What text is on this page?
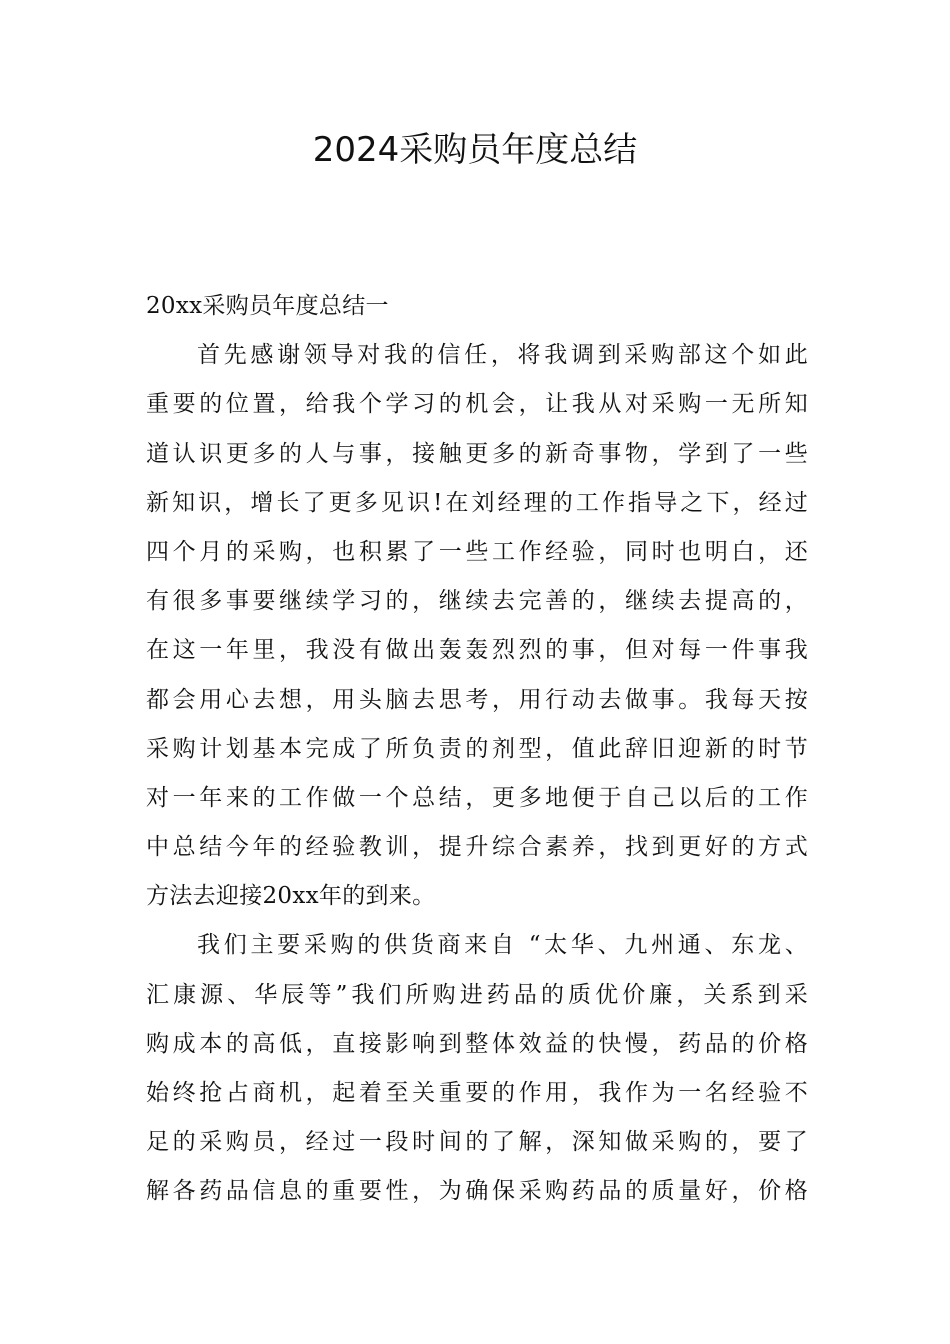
2024采购员年度总结
20xx采购员年度总结一
首先感谢领导对我的信任，将我调到采购部这个如此
重要的位置，给我个学习的机会，让我从对采购一无所知
道认识更多的人与事，接触更多的新奇事物，学到了一些
新知识，增长了更多见识!在刘经理的工作指导之下，经过
四个月的采购，也积累了一些工作经验，同时也明白，还
有很多事要继续学习的，继续去完善的，继续去提高的，
在这一年里，我没有做出轰轰烈烈的事，但对每一件事我
都会用心去想，用头脑去思考，用行动去做事。我每天按
采购计划基本完成了所负责的剂型，值此辞旧迎新的时节
对一年来的工作做一个总结，更多地便于自己以后的工作
中总结今年的经验教训，提升综合素养，找到更好的方式
方法去迎接20xx年的到来。
我们主要采购的供货商来自 “太华、九州通、东龙、
汇康源、华辰等”我们所购进药品的质优价廉，关系到采
购成本的高低，直接影响到整体效益的快慢，药品的价格
始终抢占商机，起着至关重要的作用，我作为一名经验不
足的采购员，经过一段时间的了解，深知做采购的，要了
解各药品信息的重要性，为确保采购药品的质量好，价格
